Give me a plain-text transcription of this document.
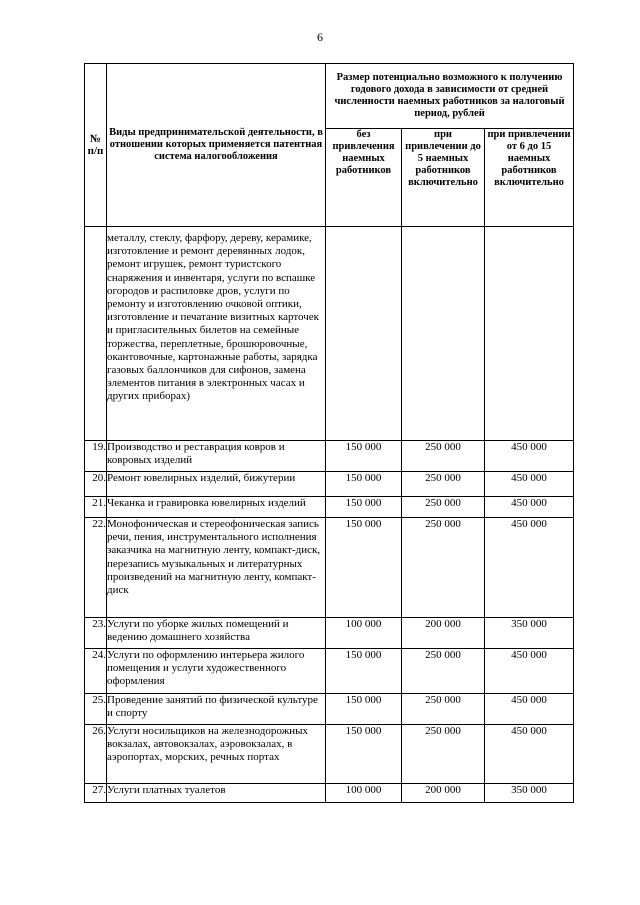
6
№ п/п	Виды предпринимательской деятельности, в отношении которых применяется патентная система налогообложения	Размер потенциально возможного к получению годового дохода в зависимости от средней численности наемных работников за налоговый период, рублей		
		без привлечения наемных работников	при привлечении до 5 наемных работников включительно	при привлечении от 6 до 15 наемных работников включительно
	металлу, стеклу, фарфору, дереву, керамике, изготовление и ремонт деревянных лодок, ремонт игрушек, ремонт туристского снаряжения и инвентаря, услуги по вспашке огородов и распиловке дров, услуги по ремонту и изготовлению очковой оптики, изготовление и печатание визитных карточек и пригласительных билетов на семейные торжества, переплетные, брошюровочные, окантовочные, картонажные работы, зарядка газовых баллончиков для сифонов, замена элементов питания в электронных часах и других приборах)			
19.	Производство и реставрация ковров и ковровых изделий	150 000	250 000	450 000
20.	Ремонт ювелирных изделий, бижутерии	150 000	250 000	450 000
21.	Чеканка и гравировка ювелирных изделий	150 000	250 000	450 000
22.	Монофоническая и стереофоническая запись речи, пения, инструментального исполнения заказчика на магнитную ленту, компакт-диск, перезапись музыкальных и литературных произведений на магнитную ленту, компакт-диск	150 000	250 000	450 000
23.	Услуги по уборке жилых помещений и ведению домашнего хозяйства	100 000	200 000	350 000
24.	Услуги по оформлению интерьера жилого помещения и услуги художественного оформления	150 000	250 000	450 000
25.	Проведение занятий по физической культуре и спорту	150 000	250 000	450 000
26.	Услуги носильщиков на железнодорожных вокзалах, автовокзалах, аэровокзалах, в аэропортах, морских, речных портах	150 000	250 000	450 000
27.	Услуги платных туалетов	100 000	200 000	350 000
